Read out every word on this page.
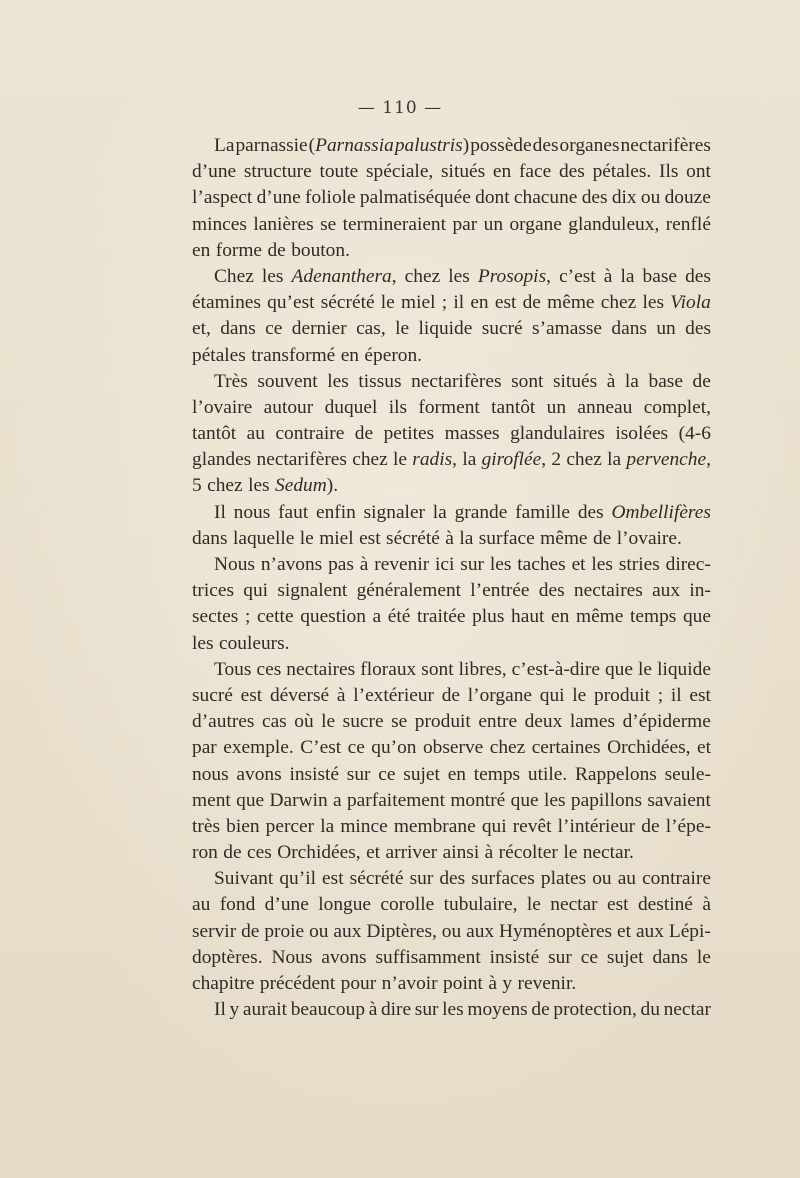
— 110 —
La parnassie (Parnassia palustris) possède des organes nectarifères
d’une structure toute spéciale, situés en face des pétales. Ils ont
l’aspect d’une foliole palmatiséquée dont chacune des dix ou douze
minces lanières se termineraient par un organe glanduleux, renflé
en forme de bouton.
Chez les Adenanthera, chez les Prosopis, c’est à la base des
étamines qu’est sécrété le miel ; il en est de même chez les Viola
et, dans ce dernier cas, le liquide sucré s’amasse dans un des
pétales transformé en éperon.
Très souvent les tissus nectarifères sont situés à la base de
l’ovaire autour duquel ils forment tantôt un anneau complet,
tantôt au contraire de petites masses glandulaires isolées (4-6
glandes nectarifères chez le radis, la giroflée, 2 chez la pervenche,
5 chez les Sedum).
Il nous faut enfin signaler la grande famille des Ombellifères
dans laquelle le miel est sécrété à la surface même de l’ovaire.
Nous n’avons pas à revenir ici sur les taches et les stries direc-
trices qui signalent généralement l’entrée des nectaires aux in-
sectes ; cette question a été traitée plus haut en même temps que
les couleurs.
Tous ces nectaires floraux sont libres, c’est-à-dire que le liquide
sucré est déversé à l’extérieur de l’organe qui le produit ; il est
d’autres cas où le sucre se produit entre deux lames d’épiderme
par exemple. C’est ce qu’on observe chez certaines Orchidées, et
nous avons insisté sur ce sujet en temps utile. Rappelons seule-
ment que Darwin a parfaitement montré que les papillons savaient
très bien percer la mince membrane qui revêt l’intérieur de l’épe-
ron de ces Orchidées, et arriver ainsi à récolter le nectar.
Suivant qu’il est sécrété sur des surfaces plates ou au contraire
au fond d’une longue corolle tubulaire, le nectar est destiné à
servir de proie ou aux Diptères, ou aux Hyménoptères et aux Lépi-
doptères. Nous avons suffisamment insisté sur ce sujet dans le
chapitre précédent pour n’avoir point à y revenir.
Il y aurait beaucoup à dire sur les moyens de protection, du nectar
